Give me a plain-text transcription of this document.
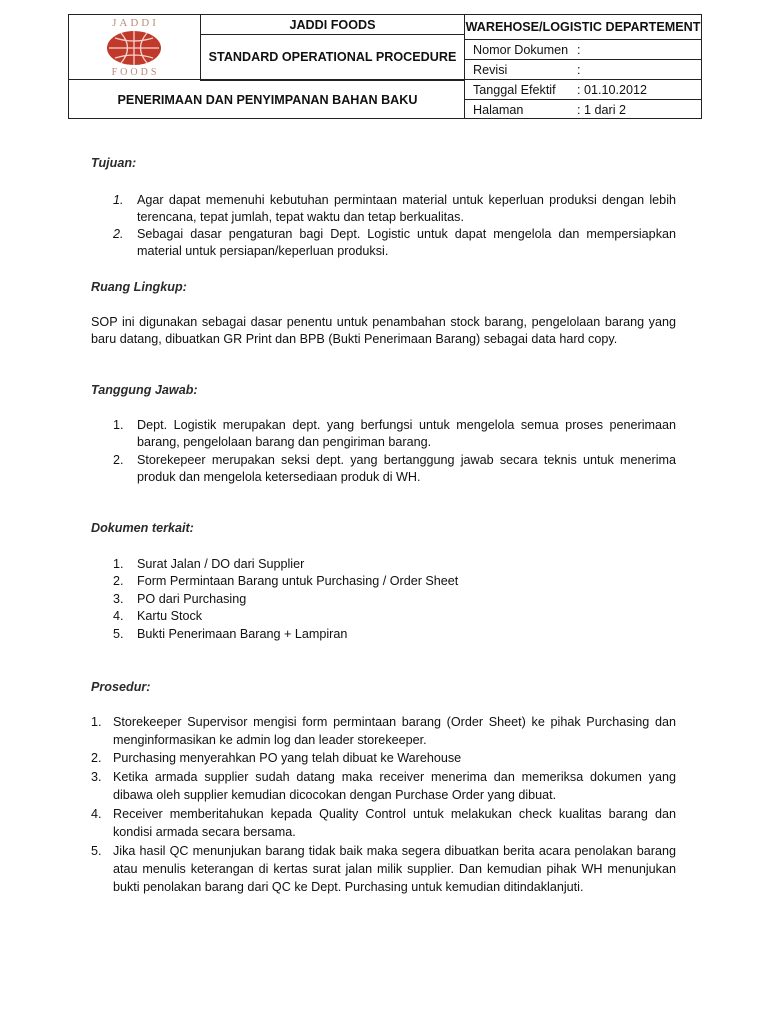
JADDI
FOODS
JADDI FOODS
STANDARD OPERATIONAL PROCEDURE
PENERIMAAN DAN PENYIMPANAN BAHAN BAKU
WAREHOSE/LOGISTIC DEPARTEMENT
Nomor Dokumen :
Revisi	:
Tanggal Efektif : 01.10.2012
Halaman	: 1 dari 2
Tujuan:
1. Agar dapat memenuhi kebutuhan permintaan material untuk keperluan produksi dengan lebih
terencana, tepat jumlah, tepat waktu dan tetap berkualitas.
2. Sebagai dasar pengaturan bagi Dept. Logistic untuk dapat mengelola dan mempersiapkan
material untuk persiapan/keperluan produksi.
Ruang Lingkup:
SOP ini digunakan sebagai dasar penentu untuk penambahan stock barang, pengelolaan barang yang
baru datang, dibuatkan GR Print dan BPB (Bukti Penerimaan Barang) sebagai data hard copy.
Tanggung Jawab:
1. Dept. Logistik merupakan dept. yang berfungsi untuk mengelola semua proses penerimaan
barang, pengelolaan barang dan pengiriman barang.
2. Storekepeer merupakan seksi dept. yang bertanggung jawab secara teknis untuk menerima
produk dan mengelola ketersediaan produk di WH.
Dokumen terkait:
1. Surat Jalan / DO dari Supplier
2. Form Permintaan Barang untuk Purchasing / Order Sheet
3. PO dari Purchasing
4. Kartu Stock
5. Bukti Penerimaan Barang + Lampiran
Prosedur:
1. Storekeeper Supervisor mengisi form permintaan barang (Order Sheet) ke pihak Purchasing dan
menginformasikan ke admin log dan leader storekeeper.
2. Purchasing menyerahkan PO yang telah dibuat ke Warehouse
3. Ketika armada supplier sudah datang maka receiver menerima dan memeriksa dokumen yang
dibawa oleh supplier kemudian dicocokan dengan Purchase Order yang dibuat.
4. Receiver memberitahukan kepada Quality Control untuk melakukan check kualitas barang dan
kondisi armada secara bersama.
5. Jika hasil QC menunjukan barang tidak baik maka segera dibuatkan berita acara penolakan barang
atau menulis keterangan di kertas surat jalan milik supplier. Dan kemudian pihak WH menunjukan
bukti penolakan barang dari QC ke Dept. Purchasing untuk kemudian ditindaklanjuti.
